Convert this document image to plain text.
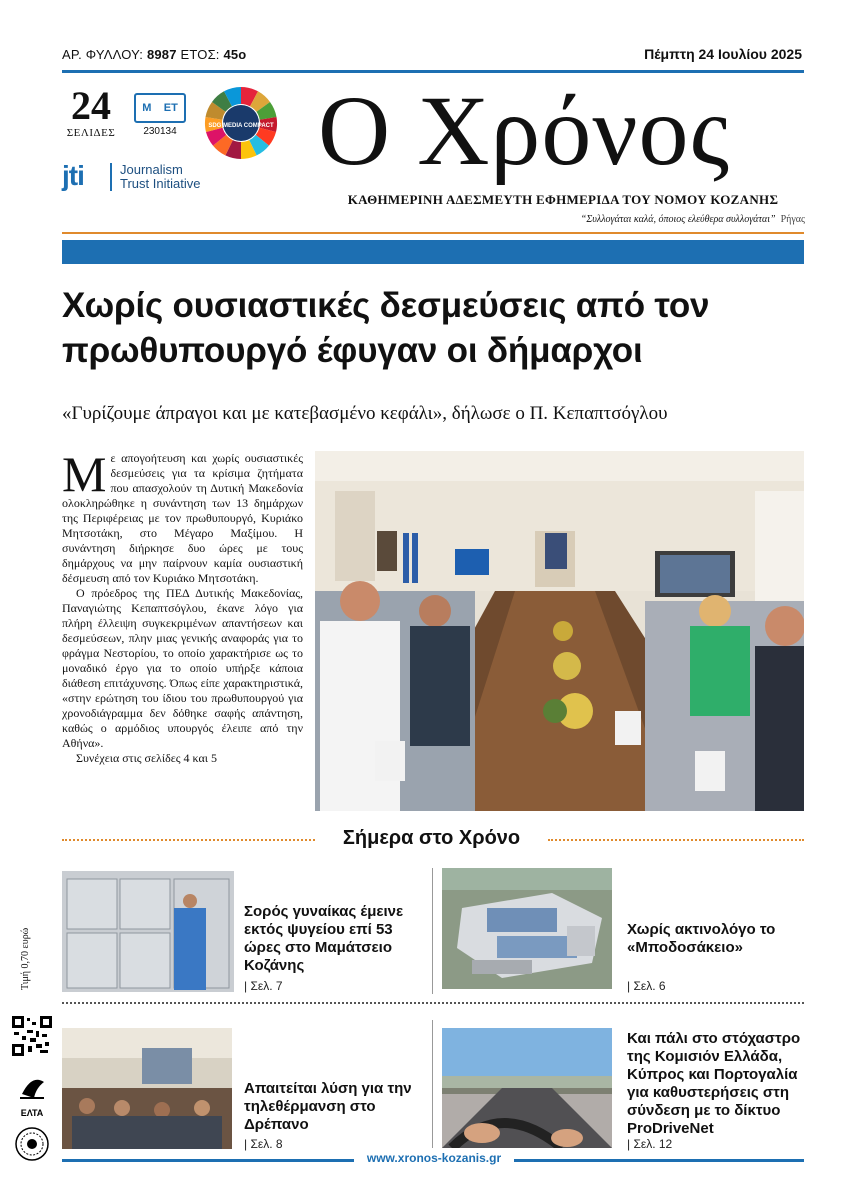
ΑΡ. ΦΥΛΛΟΥ: 8987 ΕΤΟΣ: 45ο	Πέμπτη 24 Ιουλίου 2025
24
ΣΕΛΙΔΕΣ
M ET
230134	SDG MEDIA COMPACT
jti	Journalism
Trust Initiative Ο Χρόνος
ΚΑΘΗΜΕΡΙΝΗ ΑΔΕΣΜΕΥΤΗ ΕΦΗΜΕΡΙΔΑ ΤΟΥ ΝΟΜΟΥ ΚΟΖΑΝΗΣ
“Συλλογάται καλά, όποιος ελεύθερα συλλογάται” Ρήγας
Χωρίς ουσιαστικές δεσμεύσεις από τον πρωθυπουργό έφυγαν οι δήμαρχοι
«Γυρίζουμε άπραγοι και με κατεβασμένο κεφάλι», δήλωσε ο Π. Κεπαπτσόγλου

Με απογοήτευση και χωρίς ουσιαστικές δεσμεύσεις για τα κρίσιμα ζητήματα που απασχολούν τη Δυτική Μακεδονία ολοκληρώθηκε η συνάντηση των 13 δημάρχων της Περιφέρειας με τον πρωθυπουργό, Κυριάκο Μητσοτάκη, στο Μέγαρο Μαξίμου. Η συνάντηση διήρκησε δυο ώρες με τους δημάρχους να μην παίρνουν καμία ουσιαστική δέσμευση από τον Κυριάκο Μητσοτάκη.

Ο πρόεδρος της ΠΕΔ Δυτικής Μακεδονίας, Παναγιώτης Κεπαπτσόγλου, έκανε λόγο για πλήρη έλλειψη συγκεκριμένων απαντήσεων και δεσμεύσεων, πλην μιας γενικής αναφοράς για το φράγμα Νεστορίου, το οποίο χαρακτήρισε ως το μοναδικό έργο για το οποίο υπήρξε κάποια διάθεση επιτάχυνσης. Όπως είπε χαρακτηριστικά, «στην ερώτηση του ίδιου του πρωθυπουργού για χρονοδιάγραμμα δεν δόθηκε σαφής απάντηση, καθώς ο αρμόδιος υπουργός έλειπε από την Αθήνα».

Συνέχεια στις σελίδες 4 και 5

Σήμερα στο Χρόνο
Σορός γυναίκας έμεινε εκτός ψυγείου επί 53 ώρες στο Μαμάτσειο Κοζάνης
| Σελ. 7
Χωρίς ακτινολόγο το «Μποδοσάκειο»
| Σελ. 6
Απαιτείται λύση για την τηλεθέρμανση στο Δρέπανο
| Σελ. 8
Και πάλι στο στόχαστρο της Κομισιόν Ελλάδα, Κύπρος και Πορτογαλία για καθυστερήσεις στη σύνδεση με το δίκτυο ProDriveNet
| Σελ. 12
Τιμή 0,70 ευρώ
ΕΛΤΑ
www.xronos-kozanis.gr
